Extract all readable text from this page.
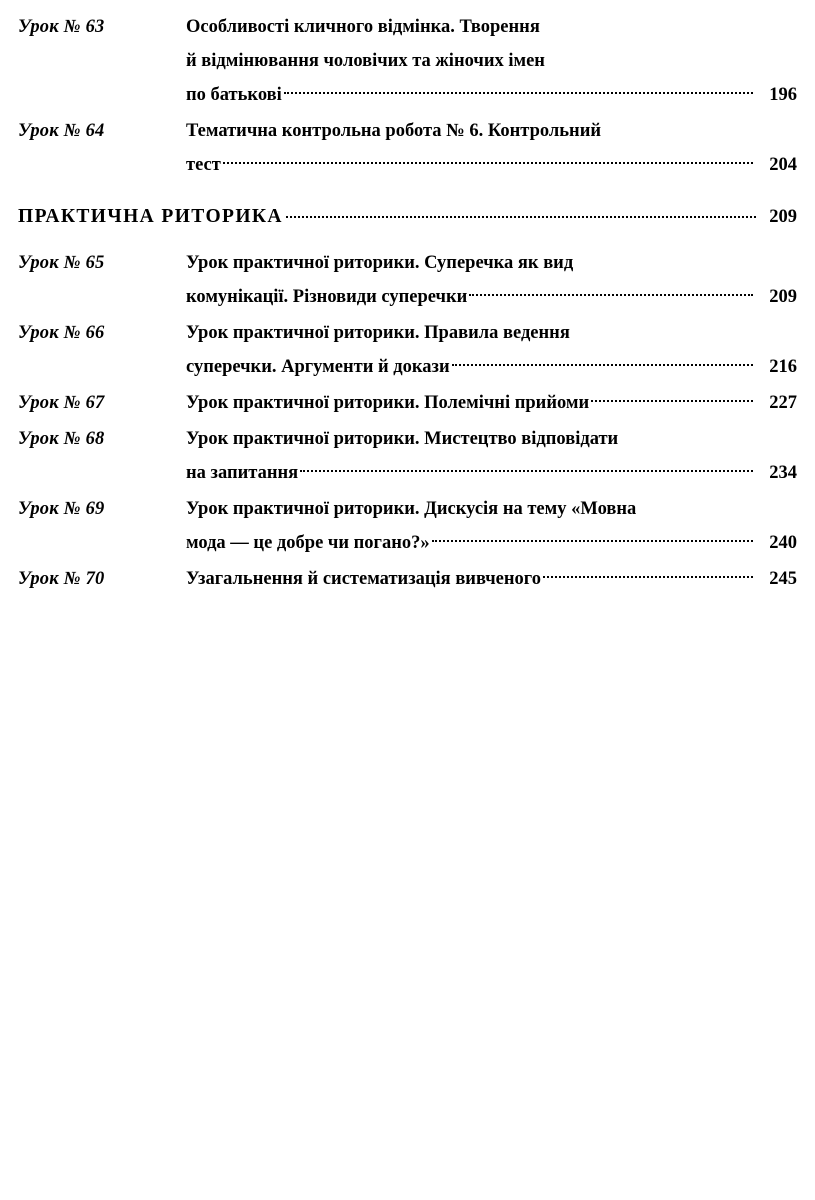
Урок № 63	Особливості кличного відмінка. Творення
й відмінювання чоловічих та жіночих імен
по батькові	196
Урок № 64	Тематична контрольна робота № 6. Контрольний
тест	204
ПРАКТИЧНА РИТОРИКА	209
Урок № 65	Урок практичної риторики. Суперечка як вид
комунікації. Різновиди суперечки	209
Урок № 66	Урок практичної риторики. Правила ведення
суперечки. Аргументи й докази	216
Урок № 67	Урок практичної риторики. Полемічні прийоми	227
Урок № 68	Урок практичної риторики. Мистецтво відповідати
на запитання	234
Урок № 69	Урок практичної риторики. Дискусія на тему «Мовна
мода — це добре чи погано?»	240
Урок № 70	Узагальнення й систематизація вивченого	245
